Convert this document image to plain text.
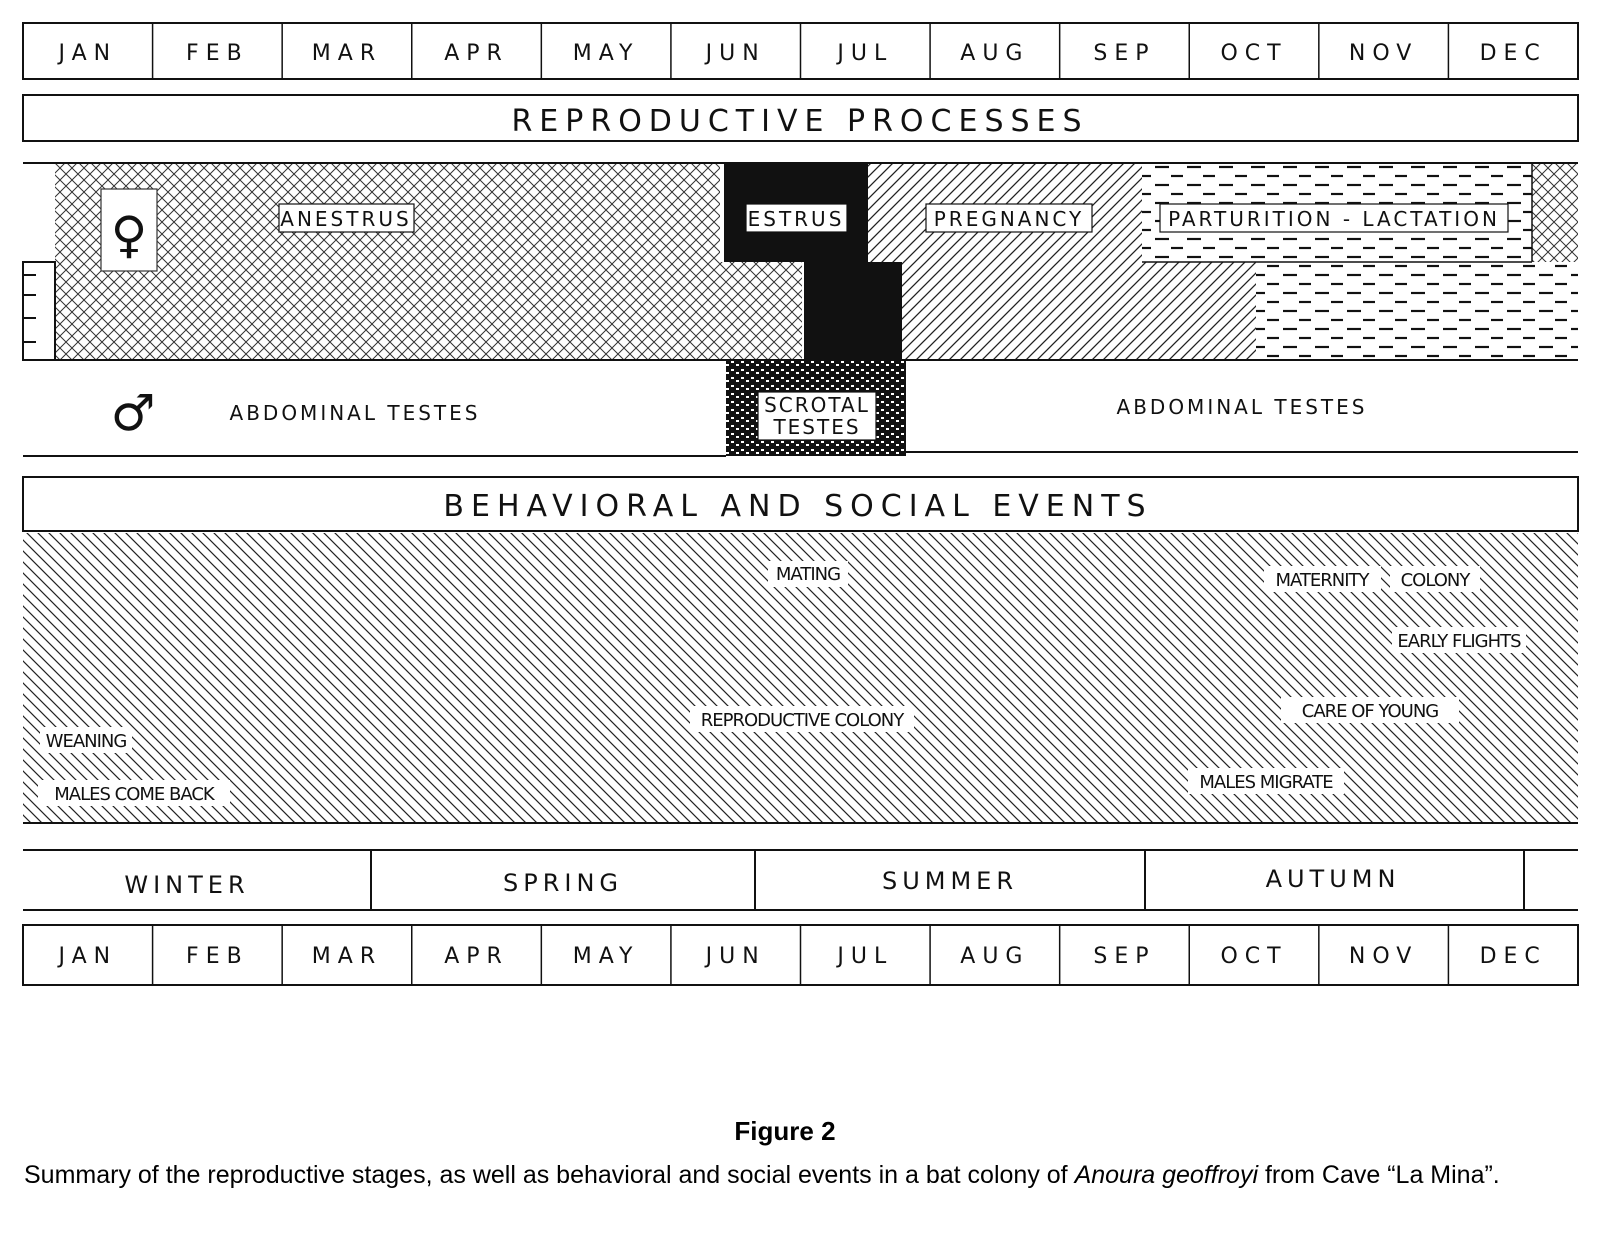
JAN	FEB	MAR	APR	MAY	JUN	JUL	AUG	SEP	OCT	NOV	DEC
REPRODUCTIVE PROCESSES
♀	ANESTRUS	ESTRUS	PREGNANCY	PARTURITION - LACTATION
♂	ABDOMINAL TESTES	SCROTAL
TESTES
ABDOMINAL TESTES
BEHAVIORAL AND SOCIAL EVENTS
MATING	MATERNITY COLONY
EARLY FLIGHTS
REPRODUCTIVE COLONY	CARE OF YOUNG
WEANING
MALES MIGRATE
MALES COME BACK
WINTER	SPRING	SUMMER	AUTUMN
JAN	FEB	MAR	APR	MAY	JUN	JUL	AUG	SEP	OCT	NOV	DEC
Figure 2
Summary of the reproductive stages, as well as behavioral and social events in a bat colony of Anoura geoffroyi from Cave “La Mina”.
